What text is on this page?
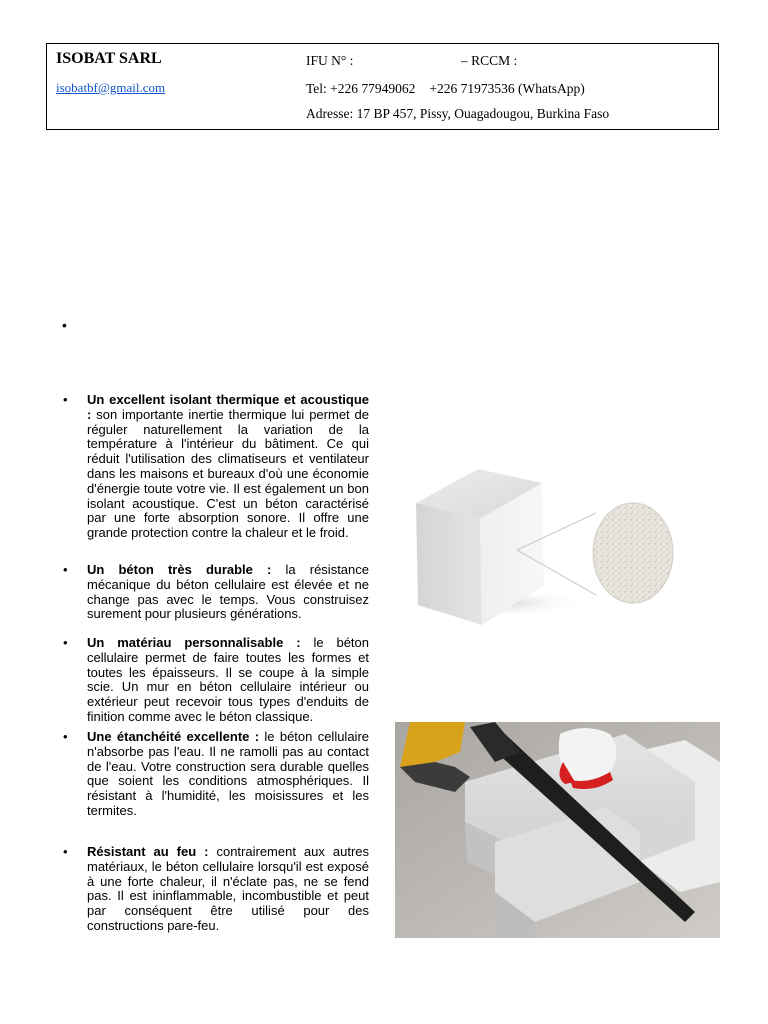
ISOBAT SARL
isobatbf@gmail.com
IFU N° :	– RCCM :
Tel: +226 77949062 +226 71973536 (WhatsApp)
Adresse: 17 BP 457, Pissy, Ouagadougou, Burkina Faso
•
• Un excellent isolant thermique et acoustique : son importante inertie thermique lui permet de réguler naturellement la variation de la température à l'intérieur du bâtiment. Ce qui réduit l'utilisation des climatiseurs et ventilateur dans les maisons et bureaux d'où une économie d'énergie toute votre vie. Il est également un bon isolant acoustique. C'est un béton caractérisé par une forte absorption sonore. Il offre une grande protection contre la chaleur et le froid.
• Un béton très durable : la résistance mécanique du béton cellulaire est élevée et ne change pas avec le temps. Vous construisez surement pour plusieurs générations.
• Un matériau personnalisable : le béton cellulaire permet de faire toutes les formes et toutes les épaisseurs. Il se coupe à la simple scie. Un mur en béton cellulaire intérieur ou extérieur peut recevoir tous types d'enduits de finition comme avec le béton classique.
• Une étanchéité excellente : le béton cellulaire n'absorbe pas l'eau. Il ne ramolli pas au contact de l'eau. Votre construction sera durable quelles que soient les conditions atmosphériques. Il résistant à l'humidité, les moisissures et les termites.
• Résistant au feu : contrairement aux autres matériaux, le béton cellulaire lorsqu'il est exposé à une forte chaleur, il n'éclate pas, ne se fend pas. Il est ininflammable, incombustible et peut par conséquent être utilisé pour des constructions pare-feu.
